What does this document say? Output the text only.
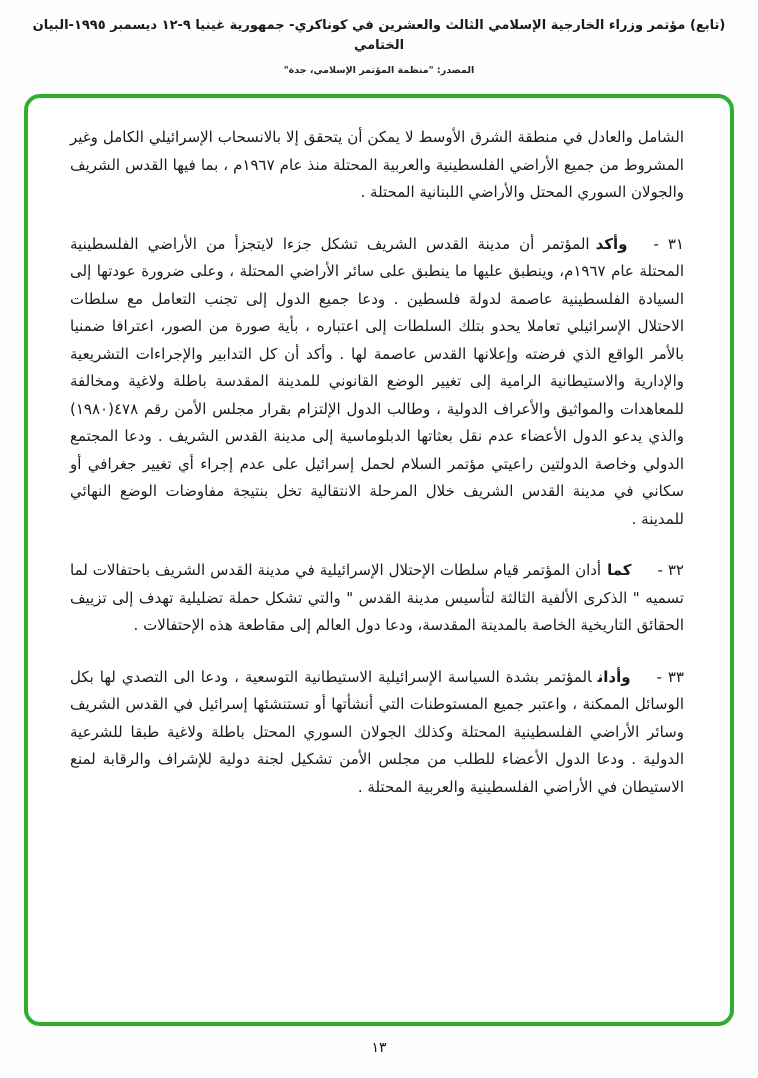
(تابع) مؤتمر وزراء الخارجية الإسلامي الثالث والعشرين في كوناكري- جمهورية غينيا ٩-١٢ ديسمبر ١٩٩٥-البيان الختامي
المصدر: "منظمة المؤتمر الإسلامي، جدة"

الشامل والعادل في منطقة الشرق الأوسط لا يمكن أن يتحقق إلا بالانسحاب الإسرائيلي الكامل وغير المشروط من جميع الأراضي الفلسطينية والعربية المحتلة منذ عام ١٩٦٧م ، بما فيها القدس الشريف والجولان السوري المحتل والأراضي اللبنانية المحتلة .

٣١ -وأكدالمؤتمر أن مدينة القدس الشريف تشكل جزءا لايتجزأ من الأراضي الفلسطينية المحتلة عام ١٩٦٧م، وينطبق عليها ما ينطبق على سائر الأراضي المحتلة ، وعلى ضرورة عودتها إلى السيادة الفلسطينية عاصمة لدولة فلسطين . ودعا جميع الدول إلى تجنب التعامل مع سلطات الاحتلال الإسرائيلي تعاملا يحدو بتلك السلطات إلى اعتباره ، بأية صورة من الصور، اعترافا ضمنيا بالأمر الواقع الذي فرضته وإعلانها القدس عاصمة لها . وأكد أن كل التدابير والإجراءات التشريعية والإدارية والاستيطانية الرامية إلى تغيير الوضع القانوني للمدينة المقدسة باطلة ولاغية ومخالفة للمعاهدات والمواثيق والأعراف الدولية ، وطالب الدول الإلتزام بقرار مجلس الأمن رقم ٤٧٨(١٩٨٠) والذي يدعو الدول الأعضاء عدم نقل بعثاتها الدبلوماسية إلى مدينة القدس الشريف . ودعا المجتمع الدولي وخاصة الدولتين راعيتي مؤتمر السلام لحمل إسرائيل على عدم إجراء أي تغيير جغرافي أو سكاني في مدينة القدس الشريف خلال المرحلة الانتقالية تخل بنتيجة مفاوضات الوضع النهائي للمدينة .

٣٢ -كماأدان المؤتمر قيام سلطات الإحتلال الإسرائيلية في مدينة القدس الشريف باحتفالات لما تسميه " الذكرى الألفية الثالثة لتأسيس مدينة القدس " والتي تشكل حملة تضليلية تهدف إلى تزييف الحقائق التاريخية الخاصة بالمدينة المقدسة، ودعا دول العالم إلى مقاطعة هذه الإحتفالات .

٣٣ -وأدانالمؤتمر بشدة السياسة الإسرائيلية الاستيطانية التوسعية ، ودعا الى التصدي لها بكل الوسائل الممكنة ، واعتبر جميع المستوطنات التي أنشأتها أو تستنشئها إسرائيل في القدس الشريف وسائر الأراضي الفلسطينية المحتلة وكذلك الجولان السوري المحتل باطلة ولاغية طبقا للشرعية الدولية . ودعا الدول الأعضاء للطلب من مجلس الأمن تشكيل لجنة دولية للإشراف والرقابة لمنع الاستيطان في الأراضي الفلسطينية والعربية المحتلة .

١٣
